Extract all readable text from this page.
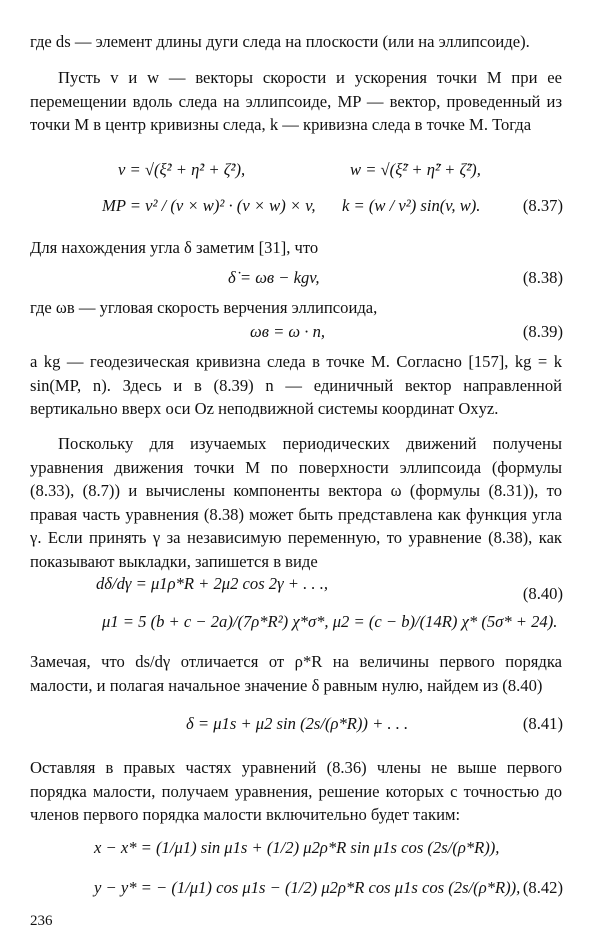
где ds — элемент длины дуги следа на плоскости (или на эллипсоиде).

Пусть v и w — векторы скорости и ускорения точки M при ее перемещении вдоль следа на эллипсоиде, MP — вектор, проведенный из точки M в центр кривизны следа, k — кривизна следа в точке M. Тогда

v = √(ξ̇² + η̇² + ζ̇²),	w = √(ξ̈² + η̈² + ζ̈²),
MP = v² / (v × w)² · (v × w) × v, k = (w / v²) sin(v, w).	(8.37)

Для нахождения угла δ заметим [31], что

δ̇ = ωв − kgv,	(8.38)

где ωв — угловая скорость верчения эллипсоида,

ωв = ω · n,	(8.39)

а kg — геодезическая кривизна следа в точке M. Согласно [157], kg = k sin(MP, n). Здесь и в (8.39) n — единичный вектор направленной вертикально вверх оси Oz неподвижной системы координат Oxyz.

Поскольку для изучаемых периодических движений получены уравнения движения точки M по поверхности эллипсоида (формулы (8.33), (8.7)) и вычислены компоненты вектора ω (формулы (8.31)), то правая часть уравнения (8.38) может быть представлена как функция угла γ. Если принять γ за независимую переменную, то уравнение (8.38), как показывают выкладки, запишется в виде

dδ/dγ = μ1ρ*R + 2μ2 cos 2γ + . . .,
(8.40)
μ1 = 5 (b + c − 2a)/(7ρ*R²) χ*σ*, μ2 = (c − b)/(14R) χ* (5σ* + 24).

Замечая, что ds/dγ отличается от ρ*R на величины первого порядка малости, и полагая начальное значение δ равным нулю, найдем из (8.40)

δ = μ1s + μ2 sin (2s/(ρ*R)) + . . .	(8.41)

Оставляя в правых частях уравнений (8.36) члены не выше первого порядка малости, получаем уравнения, решение которых с точностью до членов первого порядка малости включительно будет таким:

x − x* = (1/μ1) sin μ1s + (1/2) μ2ρ*R sin μ1s cos (2s/(ρ*R)),
y − y* = − (1/μ1) cos μ1s − (1/2) μ2ρ*R cos μ1s cos (2s/(ρ*R)), (8.42)
236
